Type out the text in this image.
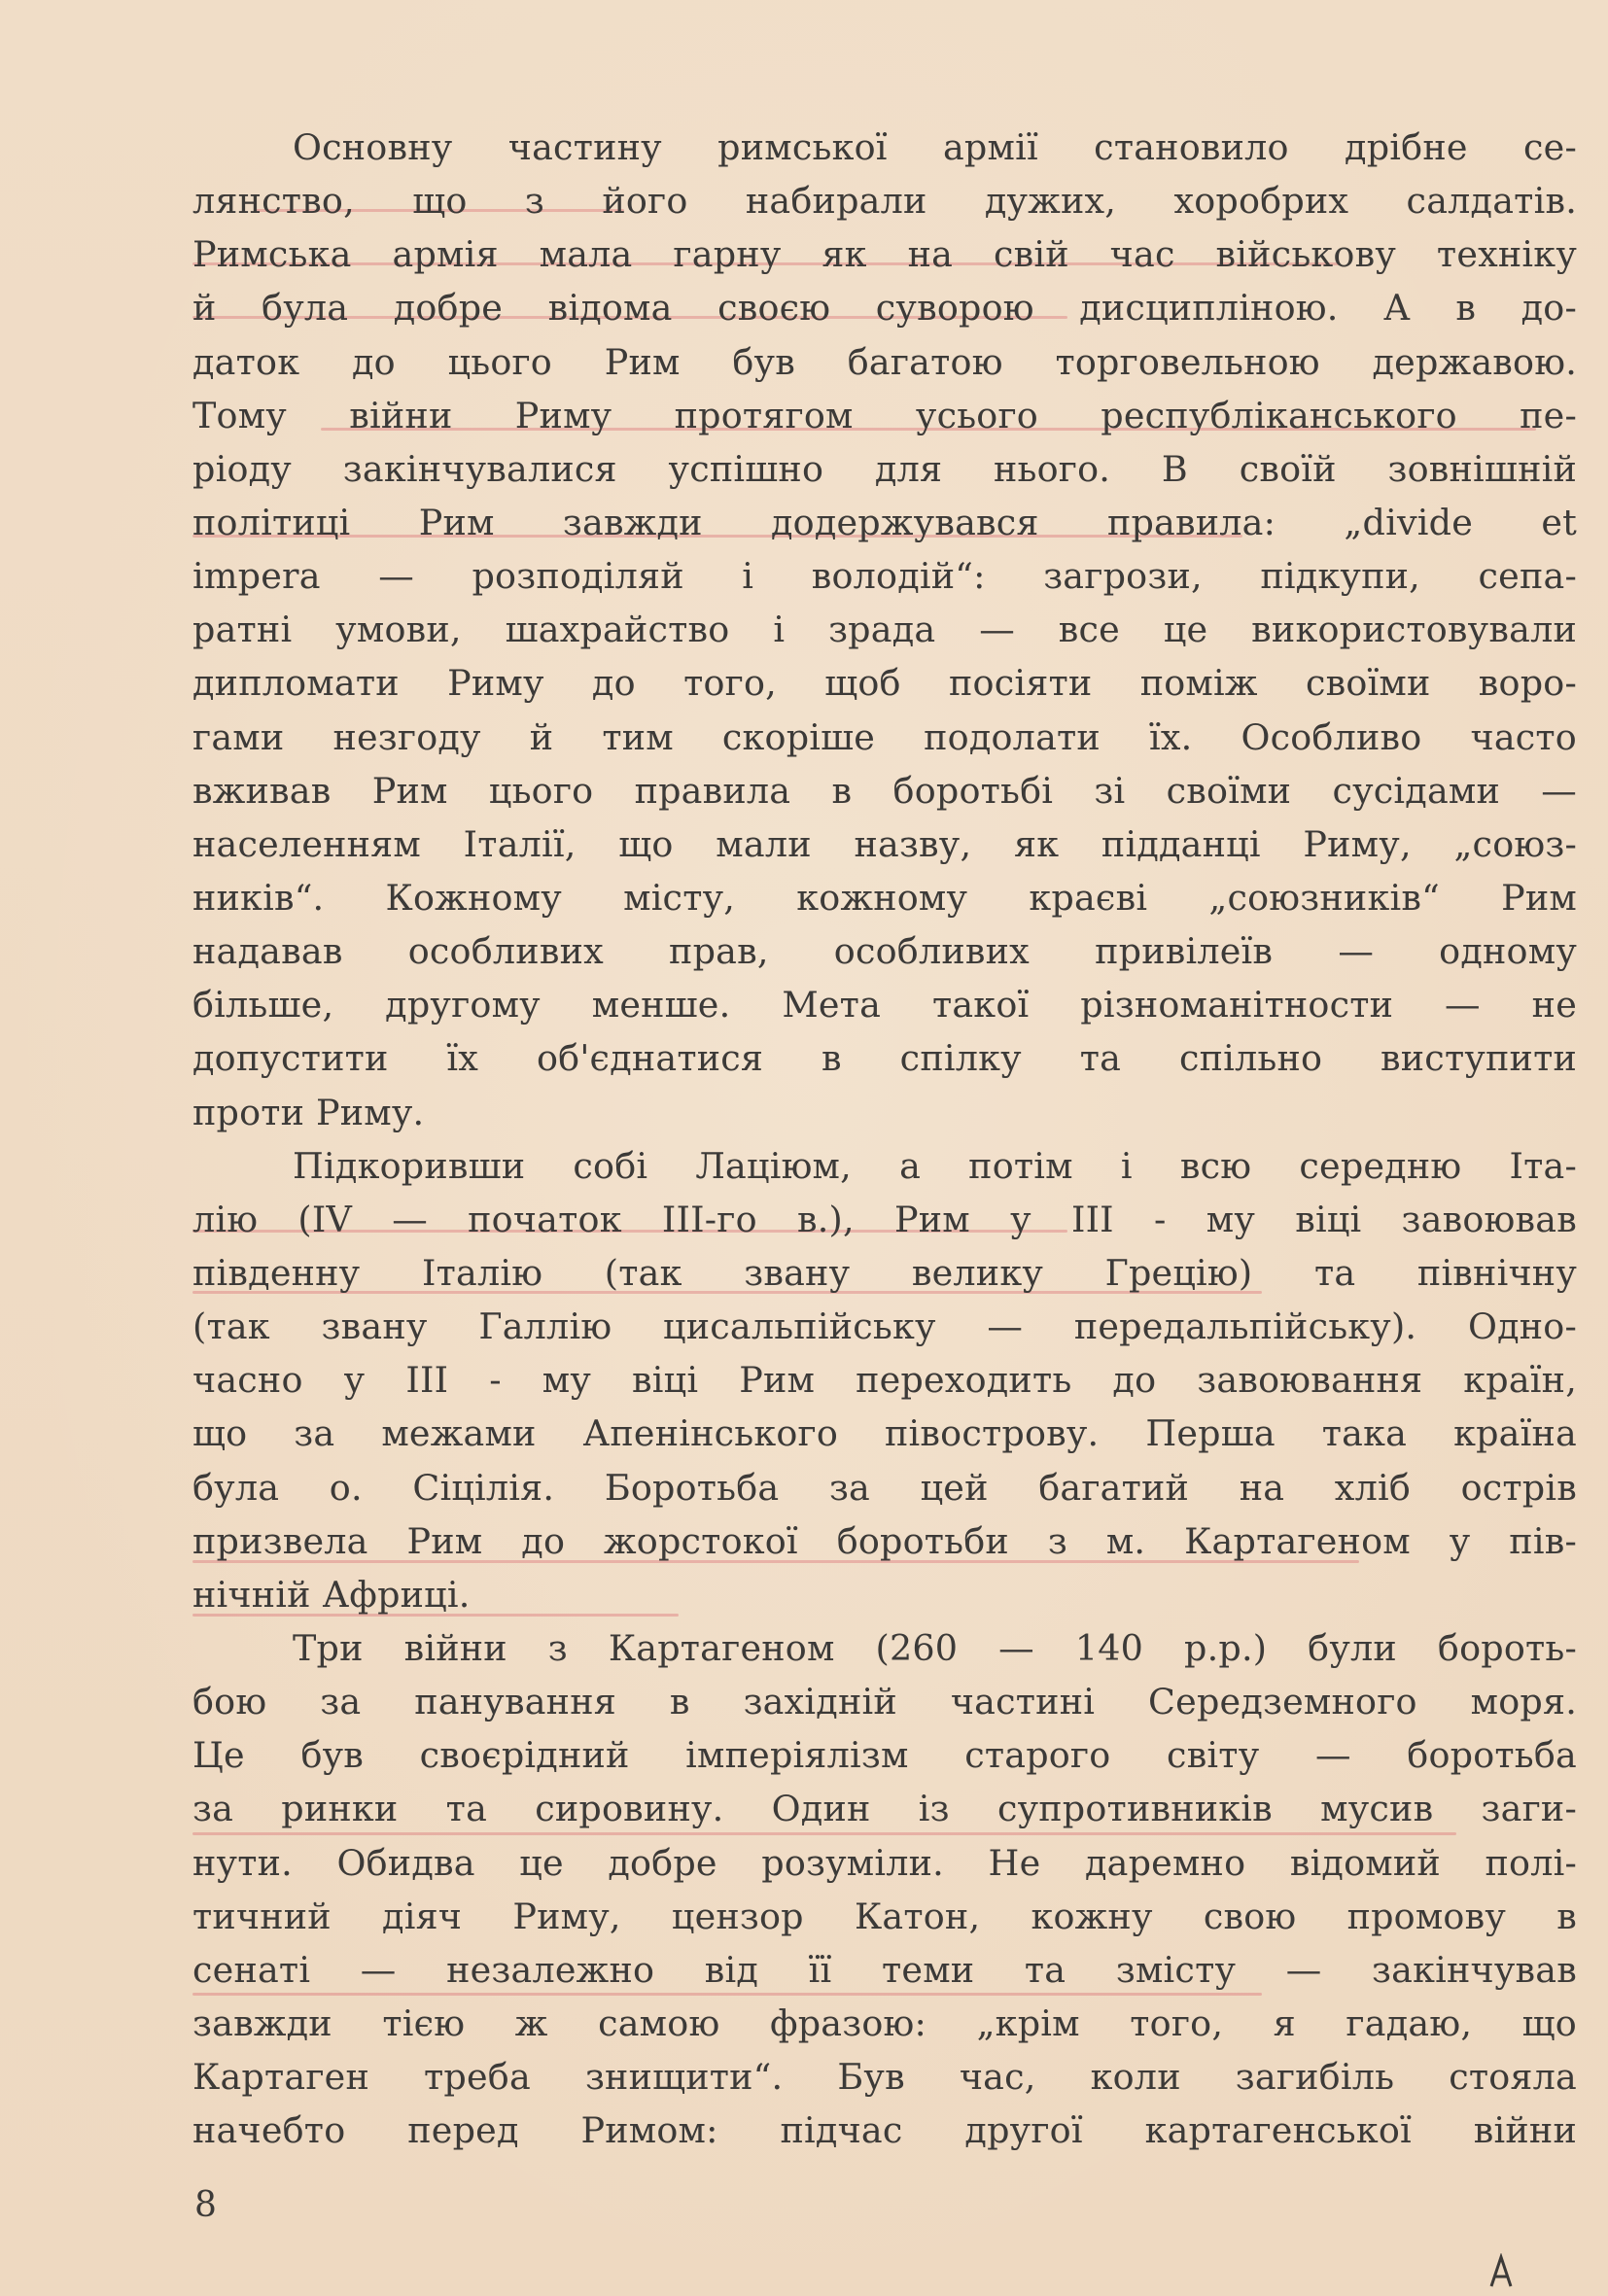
Основну частину римської армії становило дрібне се-
лянство, що з його набирали дужих, хоробрих салдатів.
Римська армія мала гарну як на свій час військову техніку
й була добре відома своєю суворою дисципліною. А в до-
даток до цього Рим був багатою торговельною державою.
Тому війни Риму протягом усього республіканського пе-
ріоду закінчувалися успішно для нього. В своїй зовнішній
політиці Рим завжди додержувався правила: „divide et
impera — розподіляй і володій“: загрози, підкупи, сепа-
ратні умови, шахрайство і зрада — все це використовували
дипломати Риму до того, щоб посіяти поміж своїми воро-
гами незгоду й тим скоріше подолати їх. Особливо часто
вживав Рим цього правила в боротьбі зі своїми сусідами —
населенням Італії, що мали назву, як підданці Риму, „союз-
ників“. Кожному місту, кожному краєві „союзників“ Рим
надавав особливих прав, особливих привілеїв — одному
більше, другому менше. Мета такої різноманітности — не
допустити їх об'єднатися в спілку та спільно виступити
проти Риму.
Підкоривши собі Лаціюм, а потім і всю середню Іта-
лію (IV — початок III-го в.), Рим у III - му віці завоював
південну Італію (так звану велику Грецію) та північну
(так звану Галлію цисальпійську — передальпійську). Одно-
часно у III - му віці Рим переходить до завоювання країн,
що за межами Апенінського півострову. Перша така країна
була о. Сіцілія. Боротьба за цей багатий на хліб острів
призвела Рим до жорстокої боротьби з м. Картагеном у пів-
нічній Африці.
Три війни з Картагеном (260 — 140 р.р.) були бороть-
бою за панування в західній частині Середземного моря.
Це був своєрідний імперіялізм старого світу — боротьба
за ринки та сировину. Один із супротивників мусив заги-
нути. Обидва це добре розуміли. Не даремно відомий полі-
тичний діяч Риму, цензор Катон, кожну свою промову в
сенаті — незалежно від її теми та змісту — закінчував
завжди тією ж самою фразою: „крім того, я гадаю, що
Картаген треба знищити“. Був час, коли загибіль стояла
начебто перед Римом: підчас другої картагенської війни
8
